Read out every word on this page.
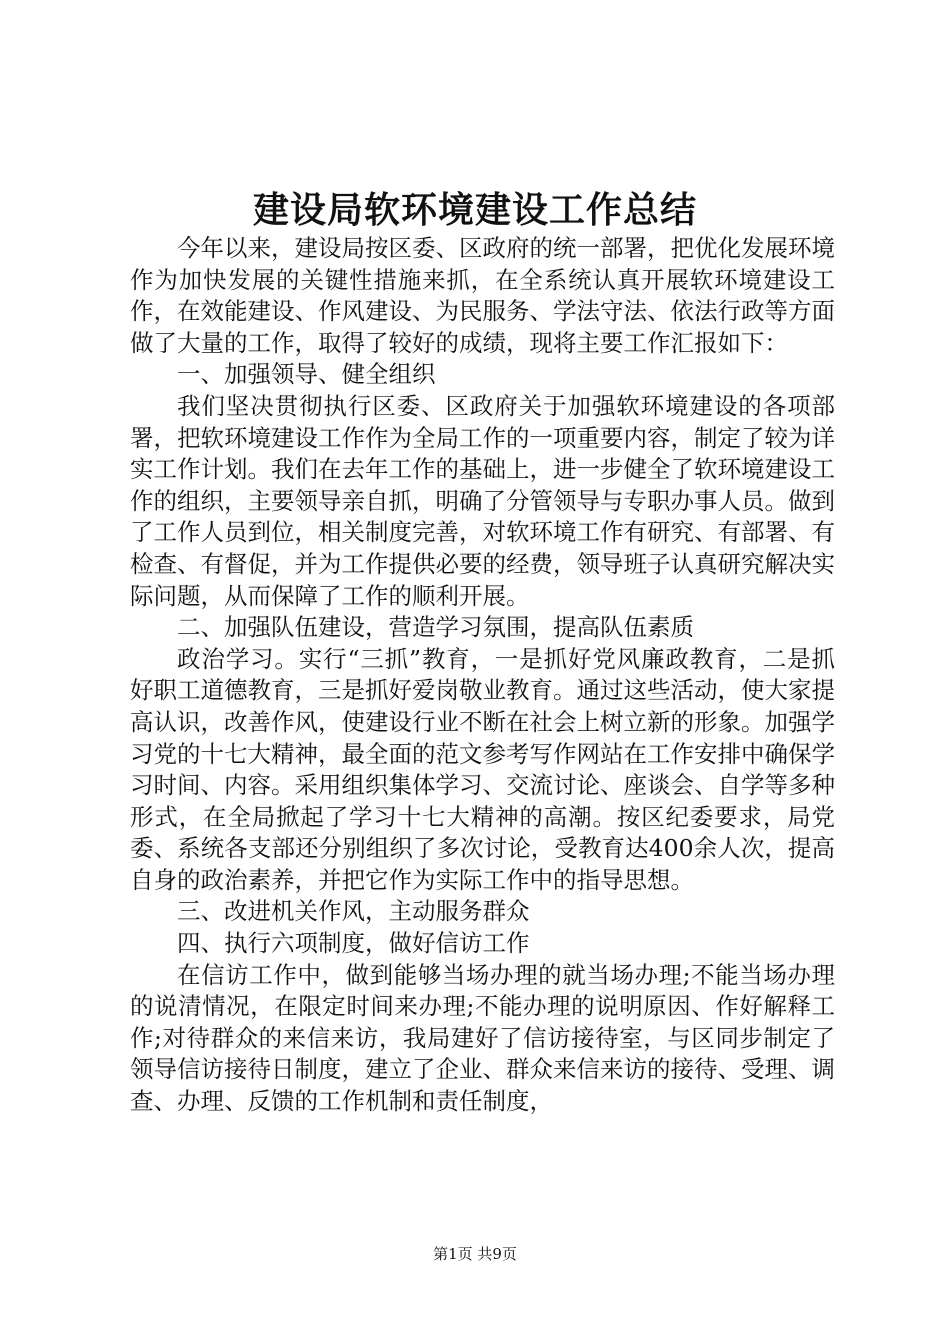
建设局软环境建设工作总结

今年以来，建设局按区委、区政府的统一部署，把优化发展环境作为加快发展的关键性措施来抓，在全系统认真开展软环境建设工作，在效能建设、作风建设、为民服务、学法守法、依法行政等方面做了大量的工作，取得了较好的成绩，现将主要工作汇报如下：

一、加强领导、健全组织

我们坚决贯彻执行区委、区政府关于加强软环境建设的各项部署，把软环境建设工作作为全局工作的一项重要内容，制定了较为详实工作计划。我们在去年工作的基础上，进一步健全了软环境建设工作的组织，主要领导亲自抓，明确了分管领导与专职办事人员。做到了工作人员到位，相关制度完善，对软环境工作有研究、有部署、有检查、有督促，并为工作提供必要的经费，领导班子认真研究解决实际问题，从而保障了工作的顺利开展。

二、加强队伍建设，营造学习氛围，提高队伍素质

政治学习。实行“三抓”教育，一是抓好党风廉政教育，二是抓好职工道德教育，三是抓好爱岗敬业教育。通过这些活动，使大家提高认识，改善作风，使建设行业不断在社会上树立新的形象。加强学习党的十七大精神，最全面的范文参考写作网站在工作安排中确保学习时间、内容。采用组织集体学习、交流讨论、座谈会、自学等多种形式，在全局掀起了学习十七大精神的高潮。按区纪委要求，局党委、系统各支部还分别组织了多次讨论，受教育达400余人次，提高自身的政治素养，并把它作为实际工作中的指导思想。

三、改进机关作风，主动服务群众

四、执行六项制度，做好信访工作

在信访工作中，做到能够当场办理的就当场办理;不能当场办理的说清情况，在限定时间来办理;不能办理的说明原因、作好解释工作;对待群众的来信来访，我局建好了信访接待室，与区同步制定了领导信访接待日制度，建立了企业、群众来信来访的接待、受理、调查、办理、反馈的工作机制和责任制度，

第1页 共9页
